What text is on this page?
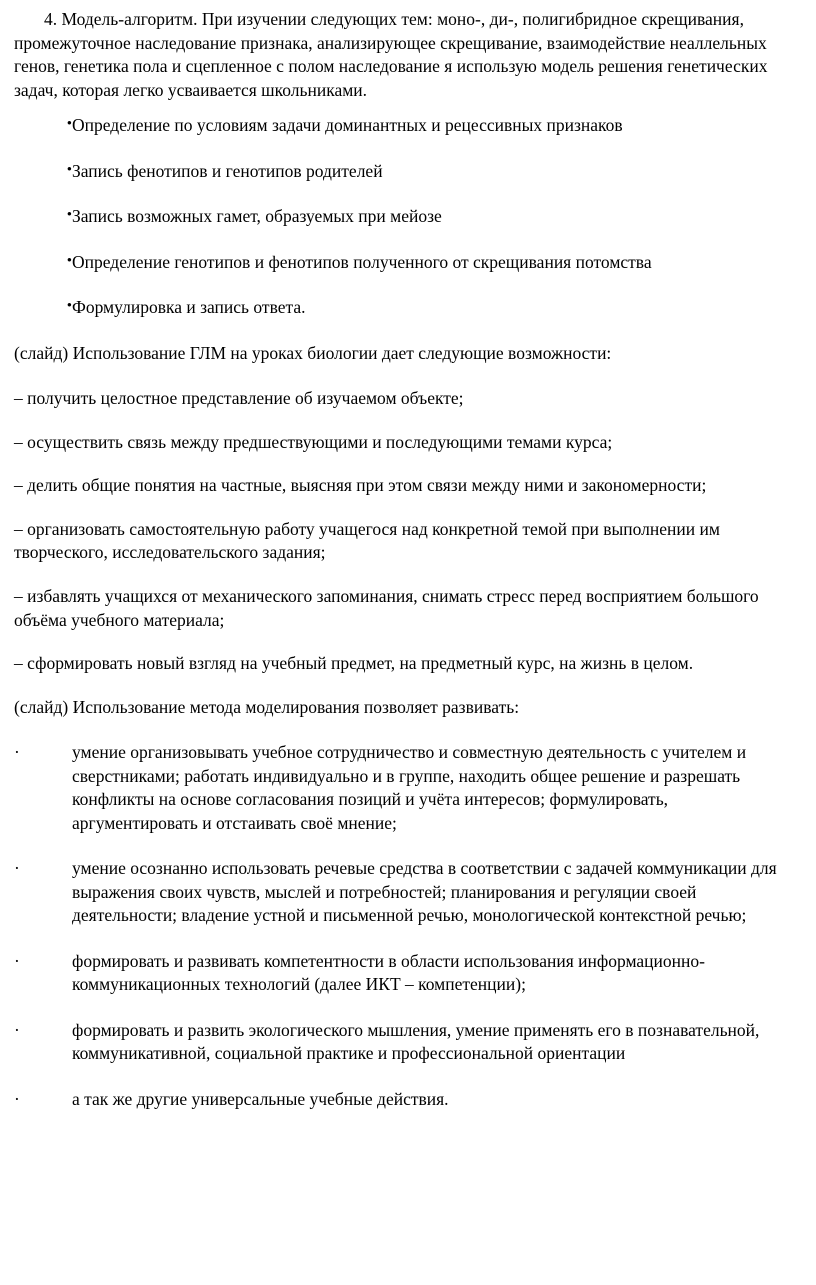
4. Модель-алгоритм. При изучении следующих тем: моно-, ди-, полигибридное скрещивания, промежуточное наследование признака, анализирующее скрещивание, взаимодействие неаллельных генов, генетика пола и сцепленное с полом наследование я использую модель решения генетических задач, которая легко усваивается школьниками.

• Определение по условиям задачи доминантных и рецессивных признаков
• Запись фенотипов и генотипов родителей
• Запись возможных гамет, образуемых при мейозе
• Определение генотипов и фенотипов полученного от скрещивания потомства
• Формулировка и запись ответа.

(слайд) Использование ГЛМ на уроках биологии дает следующие возможности:

– получить целостное представление об изучаемом объекте;

– осуществить связь между предшествующими и последующими темами курса;

– делить общие понятия на частные, выясняя при этом связи между ними и закономерности;

– организовать самостоятельную работу учащегося над конкретной темой при выполнении им творческого, исследовательского задания;

– избавлять учащихся от механического запоминания, снимать стресс перед восприятием большого объёма учебного материала;

– сформировать новый взгляд на учебный предмет, на предметный курс, на жизнь в целом.

(слайд) Использование метода моделирования позволяет развивать:

·	умение организовывать учебное сотрудничество и совместную деятельность с учителем и сверстниками; работать индивидуально и в группе, находить общее решение и разрешать конфликты на основе согласования позиций и учёта интересов; формулировать, аргументировать и отстаивать своё мнение;
·	умение осознанно использовать речевые средства в соответствии с задачей коммуникации для выражения своих чувств, мыслей и потребностей; планирования и регуляции своей деятельности; владение устной и письменной речью, монологической контекстной речью;
·	формировать и развивать компетентности в области использования информационно-коммуникационных технологий (далее ИКТ – компетенции);
·	формировать и развить экологического мышления, умение применять его в познавательной, коммуникативной, социальной практике и профессиональной ориентации
·	а так же другие универсальные учебные действия.
